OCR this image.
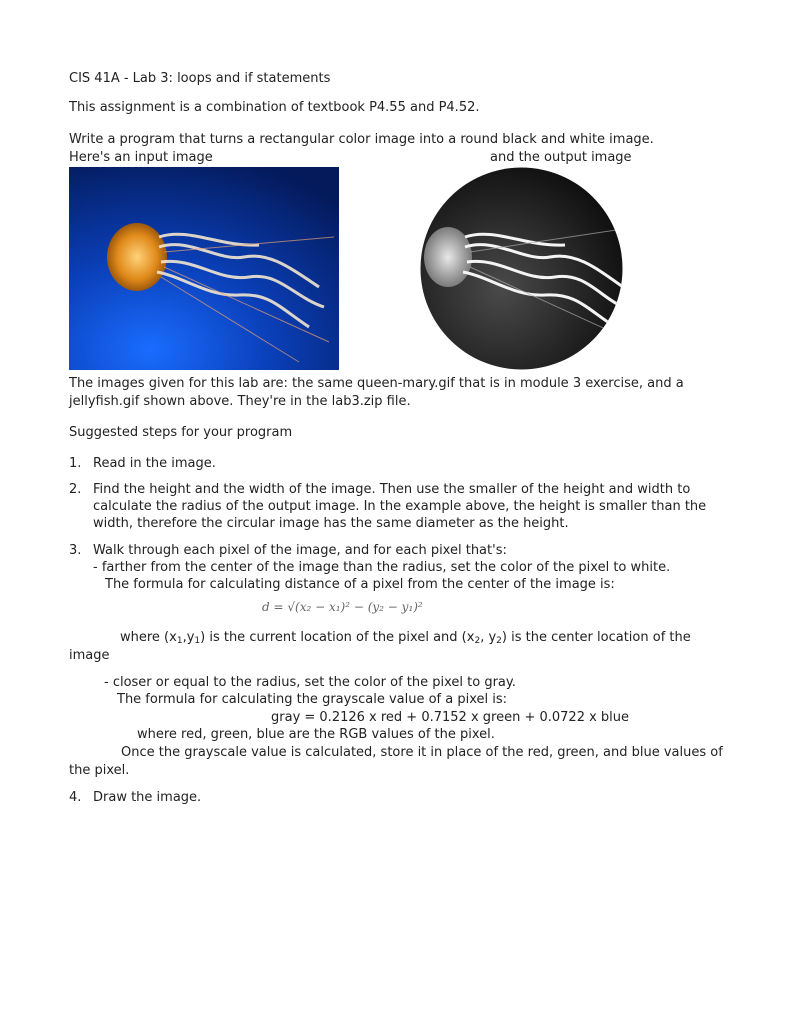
CIS 41A - Lab 3: loops and if statements
This assignment is a combination of textbook P4.55 and P4.52.
Write a program that turns a rectangular color image into a round black and white image.
Here's an input image	and the output image
The images given for this lab are: the same queen-mary.gif that is in module 3 exercise, and a
jellyfish.gif shown above. They're in the lab3.zip file.
Suggested steps for your program
1. Read in the image.
2. Find the height and the width of the image. Then use the smaller of the height and width to
calculate the radius of the output image. In the example above, the height is smaller than the
width, therefore the circular image has the same diameter as the height.
3. Walk through each pixel of the image, and for each pixel that's:
- farther from the center of the image than the radius, set the color of the pixel to white.
The formula for calculating distance of a pixel from the center of the image is:
d = √(x₂ − x₁)² − (y₂ − y₁)²
where $(x_1,y_1)$ is the current location of the pixel and ($x_2$, $y_2$) is the center location of the
image
- closer or equal to the radius, set the color of the pixel to gray.
The formula for calculating the grayscale value of a pixel is:
gray = 0.2126 x red + 0.7152 x green + 0.0722 x blue
where red, green, blue are the RGB values of the pixel.
Once the grayscale value is calculated, store it in place of the red, green, and blue values of
the pixel.
4. Draw the image.
